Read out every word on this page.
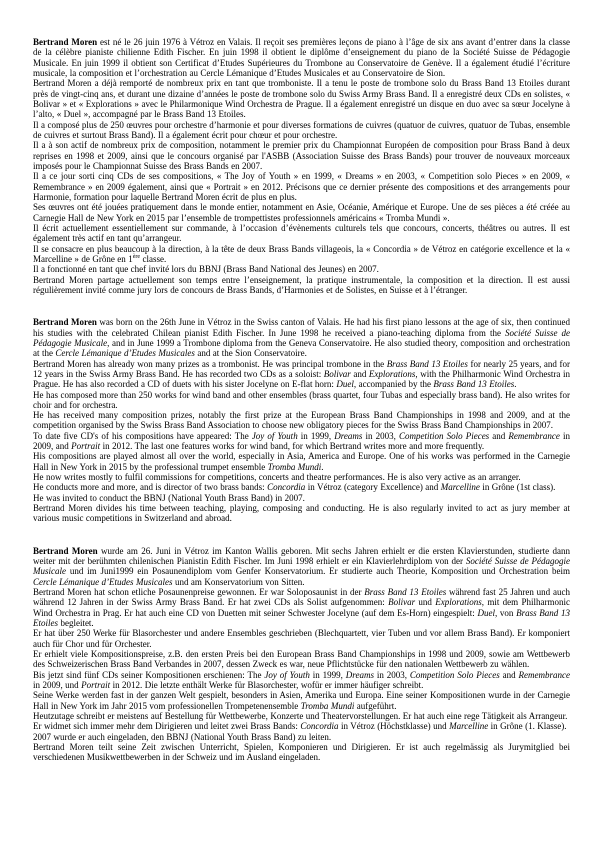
Bertrand Moren est né le 26 juin 1976 à Vétroz en Valais. Il reçoit ses premières leçons de piano à l’âge de six ans avant d’entrer dans la classe de la célèbre pianiste chilienne Edith Fischer. En juin 1998 il obtient le diplôme d’enseignement du piano de la Société Suisse de Pédagogie Musicale. En juin 1999 il obtient son Certificat d’Etudes Supérieures du Trombone au Conservatoire de Genève. Il a également étudié l’écriture musicale, la composition et l’orchestration au Cercle Lémanique d’Etudes Musicales et au Conservatoire de Sion.

Bertrand Moren a déjà remporté de nombreux prix en tant que tromboniste. Il a tenu le poste de trombone solo du Brass Band 13 Etoiles durant près de vingt-cinq ans, et durant une dizaine d’années le poste de trombone solo du Swiss Army Brass Band. Il a enregistré deux CDs en solistes, « Bolivar » et « Explorations » avec le Philarmonique Wind Orchestra de Prague. Il a également enregistré un disque en duo avec sa sœur Jocelyne à l’alto, « Duel », accompagné par le Brass Band 13 Etoiles.

Il a composé plus de 250 œuvres pour orchestre d’harmonie et pour diverses formations de cuivres (quatuor de cuivres, quatuor de Tubas, ensemble de cuivres et surtout Brass Band). Il a également écrit pour chœur et pour orchestre.

Il a à son actif de nombreux prix de composition, notamment le premier prix du Championnat Européen de composition pour Brass Band à deux reprises en 1998 et 2009, ainsi que le concours organisé par l'ASBB (Association Suisse des Brass Bands) pour trouver de nouveaux morceaux imposés pour le Championnat Suisse des Brass Bands en 2007.

Il a ce jour sorti cinq CDs de ses compositions, « The Joy of Youth » en 1999, « Dreams » en 2003, « Competition solo Pieces » en 2009, « Remembrance » en 2009 également, ainsi que « Portrait » en 2012. Précisons que ce dernier présente des compositions et des arrangements pour Harmonie, formation pour laquelle Bertrand Moren écrit de plus en plus.

Ses œuvres ont été jouées pratiquement dans le monde entier, notamment en Asie, Océanie, Amérique et Europe. Une de ses pièces a été créée au Carnegie Hall de New York en 2015 par l’ensemble de trompettistes professionnels américains « Tromba Mundi ».

Il écrit actuellement essentiellement sur commande, à l’occasion d’évènements culturels tels que concours, concerts, théâtres ou autres. Il est également très actif en tant qu’arrangeur.

Il se consacre en plus beaucoup à la direction, à la tête de deux Brass Bands villageois, la « Concordia » de Vétroz en catégorie excellence et la « Marcelline » de Grône en 1ère classe.

Il a fonctionné en tant que chef invité lors du BBNJ (Brass Band National des Jeunes) en 2007.

Bertrand Moren partage actuellement son temps entre l’enseignement, la pratique instrumentale, la composition et la direction. Il est aussi régulièrement invité comme jury lors de concours de Brass Bands, d’Harmonies et de Solistes, en Suisse et à l’étranger.

Bertrand Moren was born on the 26th June in Vétroz in the Swiss canton of Valais. He had his first piano lessons at the age of six, then continued his studies with the celebrated Chilean pianist Edith Fischer. In June 1998 he received a piano-teaching diploma from the Société Suisse de Pédagogie Musicale, and in June 1999 a Trombone diploma from the Geneva Conservatoire. He also studied theory, composition and orchestration at the Cercle Lémanique d’Etudes Musicales and at the Sion Conservatoire.

Bertrand Moren has already won many prizes as a trombonist. He was principal trombone in the Brass Band 13 Etoiles for nearly 25 years, and for 12 years in the Swiss Army Brass Band. He has recorded two CDs as a soloist: Bolivar and Explorations, with the Philharmonic Wind Orchestra in Prague. He has also recorded a CD of duets with his sister Jocelyne on E-flat horn: Duel, accompanied by the Brass Band 13 Etoiles.

He has composed more than 250 works for wind band and other ensembles (brass quartet, four Tubas and especially brass band). He also writes for choir and for orchestra.

He has received many composition prizes, notably the first prize at the European Brass Band Championships in 1998 and 2009, and at the competition organised by the Swiss Brass Band Association to choose new obligatory pieces for the Swiss Brass Band Championships in 2007.

To date five CD's of his compositions have appeared: The Joy of Youth in 1999, Dreams in 2003, Competition Solo Pieces and Remembrance in 2009, and Portrait in 2012. The last one features works for wind band, for which Bertrand writes more and more frequently.

His compositions are played almost all over the world, especially in Asia, America and Europe. One of his works was performed in the Carnegie Hall in New York in 2015 by the professional trumpet ensemble Tromba Mundi.

He now writes mostly to fulfil commissions for competitions, concerts and theatre performances. He is also very active as an arranger.

He conducts more and more, and is director of two brass bands: Concordia in Vétroz (category Excellence) and Marcelline in Grône (1st class).

He was invited to conduct the BBNJ (National Youth Brass Band) in 2007.

Bertrand Moren divides his time between teaching, playing, composing and conducting. He is also regularly invited to act as jury member at various music competitions in Switzerland and abroad.

Bertrand Moren wurde am 26. Juni in Vétroz im Kanton Wallis geboren. Mit sechs Jahren erhielt er die ersten Klavierstunden, studierte dann weiter mit der berühmten chilenischen Pianistin Edith Fischer. Im Juni 1998 erhielt er ein Klavierlehrdiplom von der Société Suisse de Pédagogie Musicale und im Juni1999 ein Posaunendiplom vom Genfer Konservatorium. Er studierte auch Theorie, Komposition und Orchestration beim Cercle Lémanique d’Etudes Musicales und am Konservatorium von Sitten.

Bertrand Moren hat schon etliche Posaunenpreise gewonnen. Er war Soloposaunist in der Brass Band 13 Etoiles während fast 25 Jahren und auch während 12 Jahren in der Swiss Army Brass Band. Er hat zwei CDs als Solist aufgenommen: Bolivar und Explorations, mit dem Philharmonic Wind Orchestra in Prag. Er hat auch eine CD von Duetten mit seiner Schwester Jocelyne (auf dem Es-Horn) eingespielt: Duel, von Brass Band 13 Etoiles begleitet.

Er hat über 250 Werke für Blasorchester und andere Ensembles geschrieben (Blechquartett, vier Tuben und vor allem Brass Band). Er komponiert auch für Chor und für Orchester.

Er erhielt viele Kompositionspreise, z.B. den ersten Preis bei den European Brass Band Championships in 1998 und 2009, sowie am Wettbewerb des Schweizerischen Brass Band Verbandes in 2007, dessen Zweck es war, neue Pflichtstücke für den nationalen Wettbewerb zu wählen.

Bis jetzt sind fünf CDs seiner Kompositionen erschienen: The Joy of Youth in 1999, Dreams in 2003, Competition Solo Pieces and Remembrance in 2009, und Portrait in 2012. Die letzte enthält Werke für Blasorchester, wofür er immer häufiger schreibt.

Seine Werke werden fast in der ganzen Welt gespielt, besonders in Asien, Amerika und Europa. Eine seiner Kompositionen wurde in der Carnegie Hall in New York im Jahr 2015 vom professionellen Trompetenensemble Tromba Mundi aufgeführt.

Heutzutage schreibt er meistens auf Bestellung für Wettbewerbe, Konzerte und Theatervorstellungen. Er hat auch eine rege Tätigkeit als Arrangeur.

Er widmet sich immer mehr dem Dirigieren und leitet zwei Brass Bands: Concordia in Vétroz (Höchstklasse) und Marcelline in Grône (1. Klasse).

2007 wurde er auch eingeladen, den BBNJ (National Youth Brass Band) zu leiten.

Bertrand Moren teilt seine Zeit zwischen Unterricht, Spielen, Komponieren und Dirigieren. Er ist auch regelmässig als Jurymitglied bei verschiedenen Musikwettbewerben in der Schweiz und im Ausland eingeladen.
